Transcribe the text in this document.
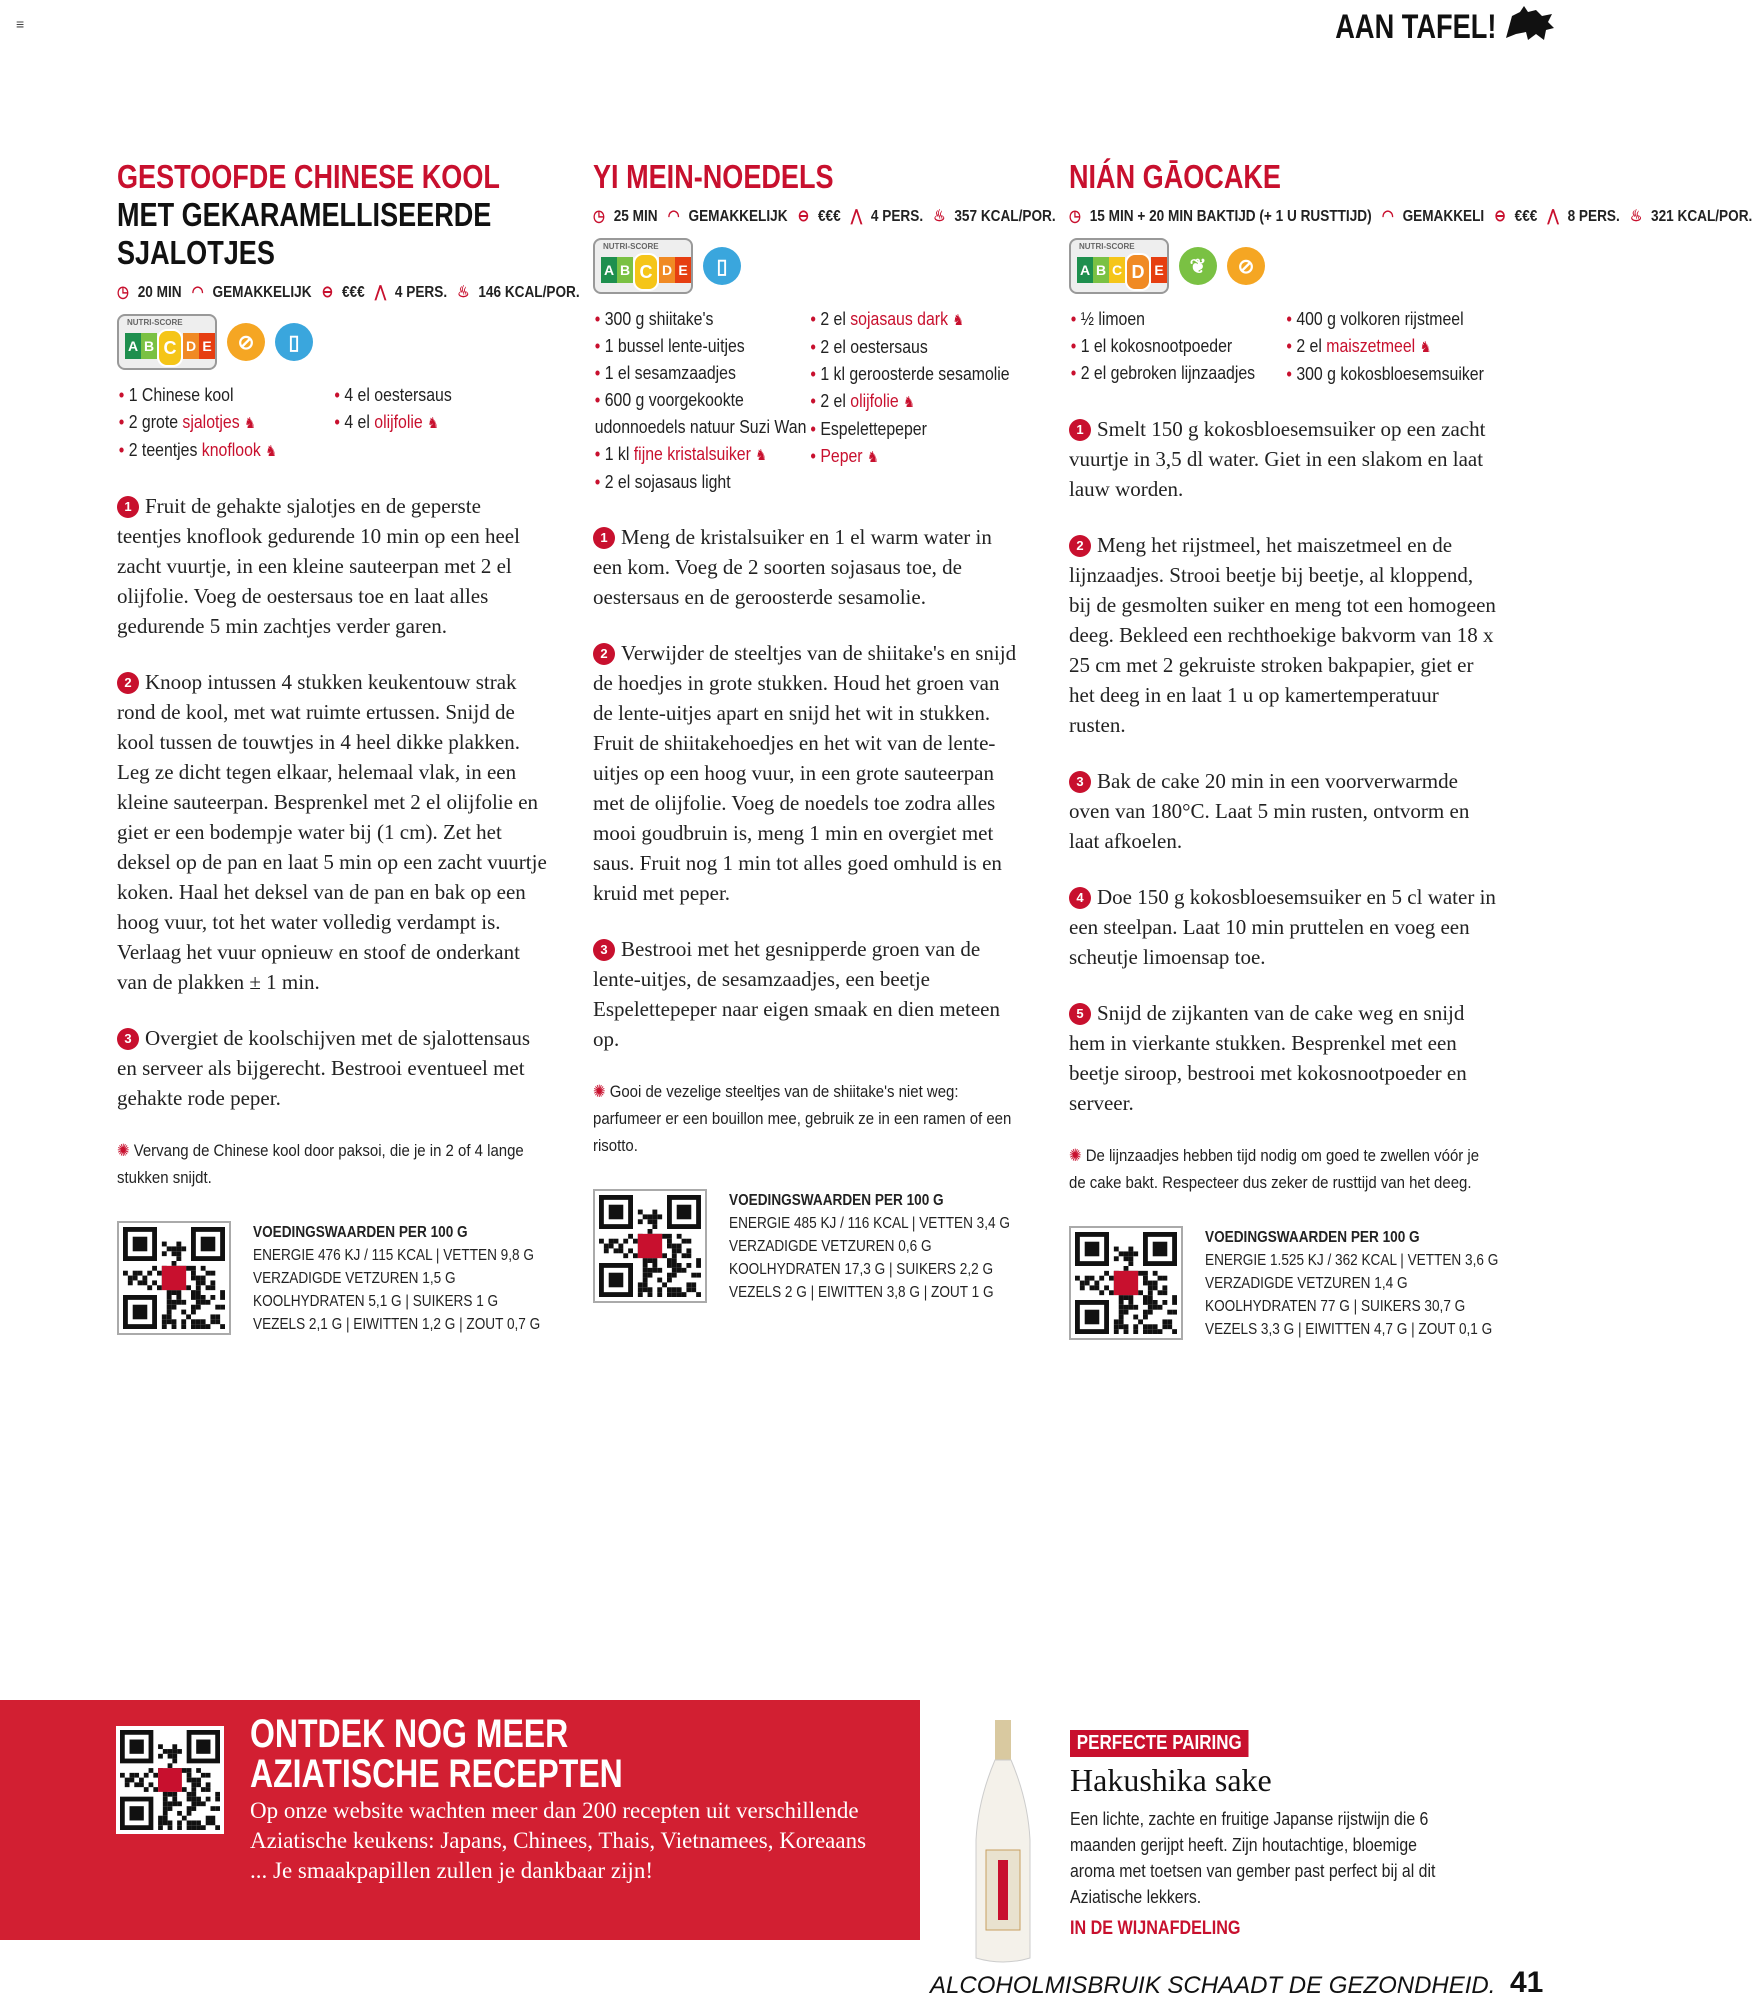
≡	AAN TAFEL!
GESTOOFDE CHINESE KOOL MET GEKARAMELLISEERDE SJALOTJES
◷ 20 MIN ◠ GEMAKKELIJK ⊖ €€€ ⋀ 4 PERS. ♨ 146 KCAL/POR.
NUTRI-SCORE
A B C D E	⊘	▯
• 1 Chinese kool
• 2 grote sjalotjes ♞
• 2 teentjes knoflook ♞
• 4 el oestersaus
• 4 el olijfolie ♞
1 Fruit de gehakte sjalotjes en de geperste teentjes knoflook gedurende 10 min op een heel zacht vuurtje, in een kleine sauteerpan met 2 el olijfolie. Voeg de oestersaus toe en laat alles gedurende 5 min zachtjes verder garen.
2 Knoop intussen 4 stukken keukentouw strak rond de kool, met wat ruimte ertussen. Snijd de kool tussen de touwtjes in 4 heel dikke plakken. Leg ze dicht tegen elkaar, helemaal vlak, in een kleine sauteerpan. Besprenkel met 2 el olijfolie en giet er een bodempje water bij (1 cm). Zet het deksel op de pan en laat 5 min op een zacht vuurtje koken. Haal het deksel van de pan en bak op een hoog vuur, tot het water volledig verdampt is. Verlaag het vuur opnieuw en stoof de onderkant van de plakken ± 1 min.
3 Overgiet de koolschijven met de sjalottensaus en serveer als bijgerecht. Bestrooi eventueel met gehakte rode peper.
✺ Vervang de Chinese kool door paksoi, die je in 2 of 4 lange stukken snijdt.
VOEDINGSWAARDEN PER 100 G
ENERGIE 476 KJ / 115 KCAL | VETTEN 9,8 G
VERZADIGDE VETZUREN 1,5 G
KOOLHYDRATEN 5,1 G | SUIKERS 1 G
VEZELS 2,1 G | EIWITTEN 1,2 G | ZOUT 0,7 G
YI MEIN-NOEDELS
◷ 25 MIN ◠ GEMAKKELIJK ⊖ €€€ ⋀ 4 PERS. ♨ 357 KCAL/POR.
NUTRI-SCORE
A B C D E	▯
• 300 g shiitake's
• 1 bussel lente-uitjes
• 1 el sesamzaadjes
• 600 g voorgekookte udonnoedels natuur Suzi Wan
• 1 kl fijne kristalsuiker ♞
• 2 el sojasaus light
• 2 el sojasaus dark ♞
• 2 el oestersaus
• 1 kl geroosterde sesamolie
• 2 el olijfolie ♞
• Espelettepeper
• Peper ♞
1 Meng de kristalsuiker en 1 el warm water in een kom. Voeg de 2 soorten sojasaus toe, de oestersaus en de geroosterde sesamolie.
2 Verwijder de steeltjes van de shiitake's en snijd de hoedjes in grote stukken. Houd het groen van de lente-uitjes apart en snijd het wit in stukken. Fruit de shiitakehoedjes en het wit van de lente-uitjes op een hoog vuur, in een grote sauteerpan met de olijfolie. Voeg de noedels toe zodra alles mooi goudbruin is, meng 1 min en overgiet met saus. Fruit nog 1 min tot alles goed omhuld is en kruid met peper.
3 Bestrooi met het gesnipperde groen van de lente-uitjes, de sesamzaadjes, een beetje Espelettepeper naar eigen smaak en dien meteen op.
✺ Gooi de vezelige steeltjes van de shiitake's niet weg: parfumeer er een bouillon mee, gebruik ze in een ramen of een risotto.
VOEDINGSWAARDEN PER 100 G
ENERGIE 485 KJ / 116 KCAL | VETTEN 3,4 G
VERZADIGDE VETZUREN 0,6 G
KOOLHYDRATEN 17,3 G | SUIKERS 2,2 G
VEZELS 2 G | EIWITTEN 3,8 G | ZOUT 1 G
NIÁN GĀOCAKE
◷ 15 MIN + 20 MIN BAKTIJD (+ 1 U RUSTTIJD) ◠ GEMAKKELI ⊖ €€€ ⋀ 8 PERS. ♨ 321 KCAL/POR.
NUTRI-SCORE
A B C D E	❦	⊘
• ½ limoen
• 1 el kokosnootpoeder
• 2 el gebroken lijnzaadjes
• 400 g volkoren rijstmeel
• 2 el maiszetmeel ♞
• 300 g kokosbloesemsuiker
1 Smelt 150 g kokosbloesemsuiker op een zacht vuurtje in 3,5 dl water. Giet in een slakom en laat lauw worden.
2 Meng het rijstmeel, het maiszetmeel en de lijnzaadjes. Strooi beetje bij beetje, al kloppend, bij de gesmolten suiker en meng tot een homogeen deeg. Bekleed een rechthoekige bakvorm van 18 x 25 cm met 2 gekruiste stroken bakpapier, giet er het deeg in en laat 1 u op kamertemperatuur rusten.
3 Bak de cake 20 min in een voorverwarmde oven van 180°C. Laat 5 min rusten, ontvorm en laat afkoelen.
4 Doe 150 g kokosbloesemsuiker en 5 cl water in een steelpan. Laat 10 min pruttelen en voeg een scheutje limoensap toe.
5 Snijd de zijkanten van de cake weg en snijd hem in vierkante stukken. Besprenkel met een beetje siroop, bestrooi met kokosnootpoeder en serveer.
✺ De lijnzaadjes hebben tijd nodig om goed te zwellen vóór je de cake bakt. Respecteer dus zeker de rusttijd van het deeg.
VOEDINGSWAARDEN PER 100 G
ENERGIE 1.525 KJ / 362 KCAL | VETTEN 3,6 G
VERZADIGDE VETZUREN 1,4 G
KOOLHYDRATEN 77 G | SUIKERS 30,7 G
VEZELS 3,3 G | EIWITTEN 4,7 G | ZOUT 0,1 G
ONTDEK NOG MEER
AZIATISCHE RECEPTEN
Op onze website wachten meer dan 200 recepten uit verschillende Aziatische keukens: Japans, Chinees, Thais, Vietnamees, Koreaans ... Je smaakpapillen zullen je dankbaar zijn!
PERFECTE PAIRING
Hakushika sake
Een lichte, zachte en fruitige Japanse rijstwijn die 6 maanden gerijpt heeft. Zijn houtachtige, bloemige aroma met toetsen van gember past perfect bij al dit Aziatische lekkers.
IN DE WIJNAFDELING
ALCOHOLMISBRUIK SCHAADT DE GEZONDHEID. 41
